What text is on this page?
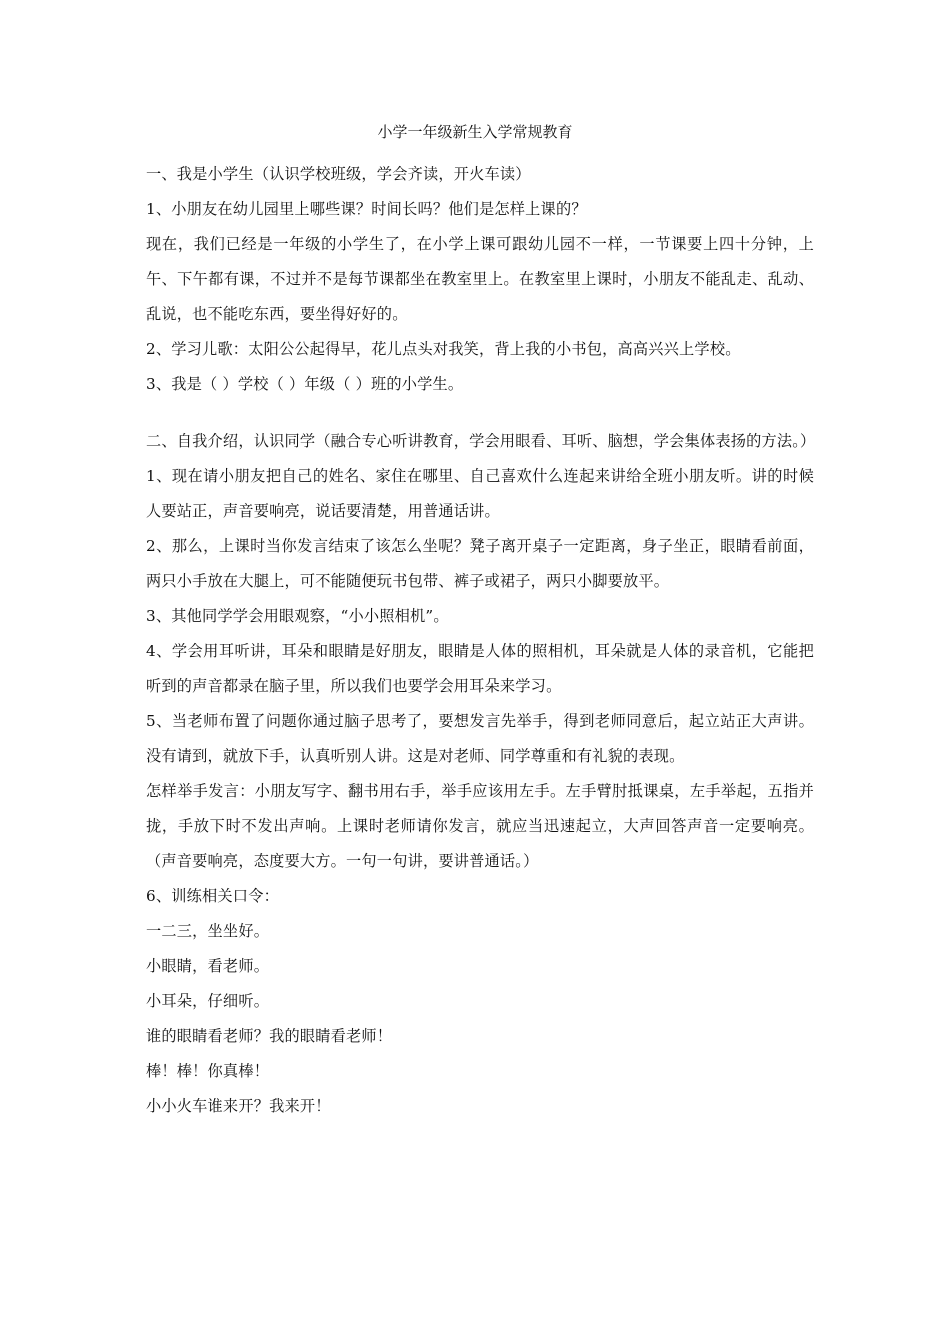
小学一年级新生入学常规教育

一、我是小学生（认识学校班级，学会齐读，开火车读）

1、小朋友在幼儿园里上哪些课？时间长吗？他们是怎样上课的？

现在，我们已经是一年级的小学生了，在小学上课可跟幼儿园不一样，一节课要上四十分钟，上午、下午都有课，不过并不是每节课都坐在教室里上。在教室里上课时，小朋友不能乱走、乱动、乱说，也不能吃东西，要坐得好好的。

2、学习儿歌：太阳公公起得早，花儿点头对我笑，背上我的小书包，高高兴兴上学校。

3、我是（ ）学校（ ）年级（ ）班的小学生。

二、自我介绍，认识同学（融合专心听讲教育，学会用眼看、耳听、脑想，学会集体表扬的方法。）

1、现在请小朋友把自己的姓名、家住在哪里、自己喜欢什么连起来讲给全班小朋友听。讲的时候人要站正，声音要响亮，说话要清楚，用普通话讲。

2、那么，上课时当你发言结束了该怎么坐呢？凳子离开桌子一定距离，身子坐正，眼睛看前面，两只小手放在大腿上，可不能随便玩书包带、裤子或裙子，两只小脚要放平。

3、其他同学学会用眼观察，“小小照相机”。

4、学会用耳听讲，耳朵和眼睛是好朋友，眼睛是人体的照相机，耳朵就是人体的录音机，它能把听到的声音都录在脑子里，所以我们也要学会用耳朵来学习。

5、当老师布置了问题你通过脑子思考了，要想发言先举手，得到老师同意后，起立站正大声讲。没有请到，就放下手，认真听别人讲。这是对老师、同学尊重和有礼貌的表现。

怎样举手发言：小朋友写字、翻书用右手，举手应该用左手。左手臂肘抵课桌，左手举起，五指并拢，手放下时不发出声响。上课时老师请你发言，就应当迅速起立，大声回答声音一定要响亮。（声音要响亮，态度要大方。一句一句讲，要讲普通话。）

6、训练相关口令：

一二三，坐坐好。

小眼睛，看老师。

小耳朵，仔细听。

谁的眼睛看老师？我的眼睛看老师！

棒！棒！你真棒！

小小火车谁来开？我来开！
